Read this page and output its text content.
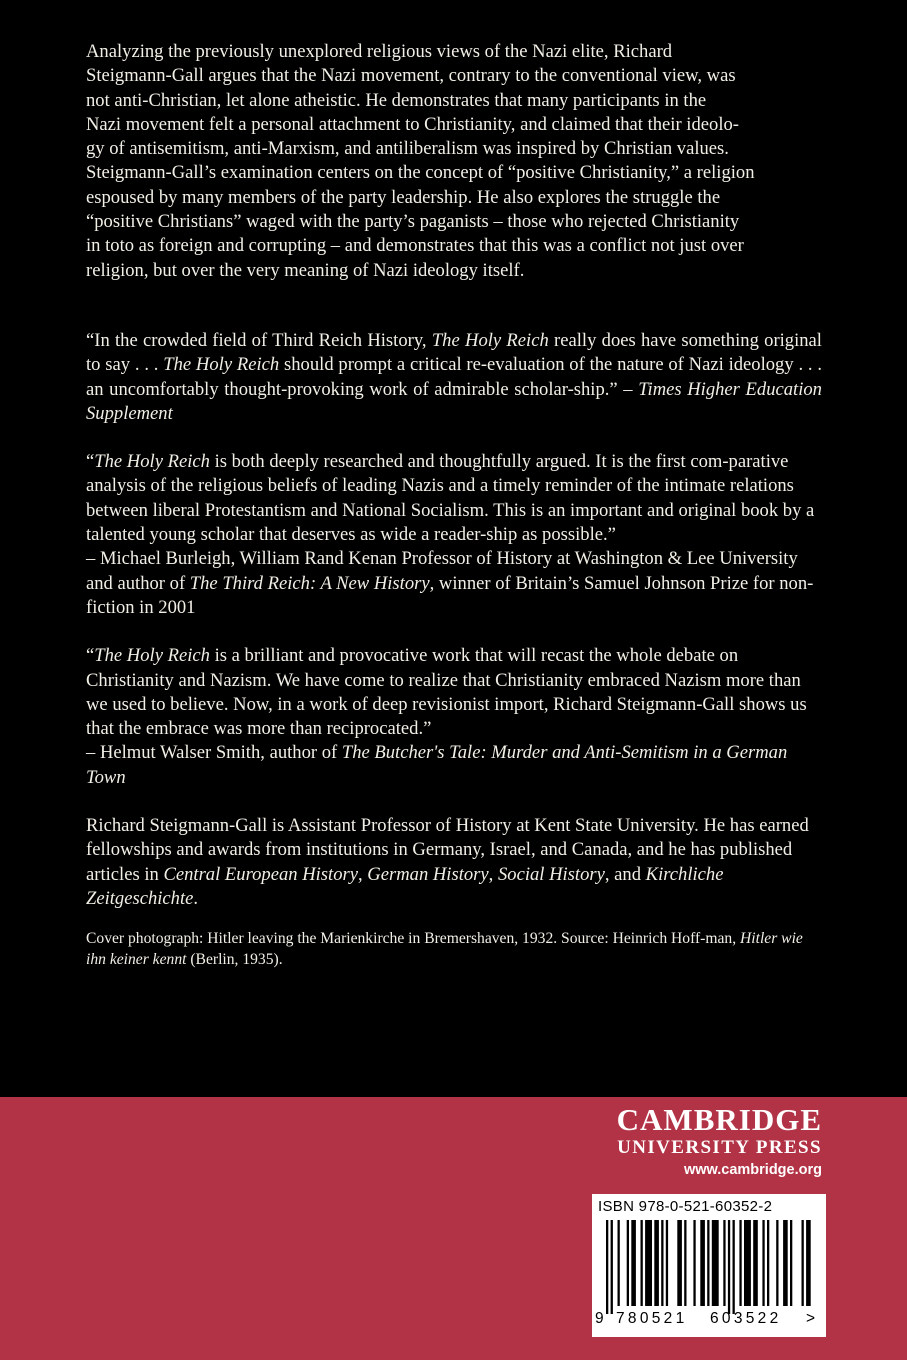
Analyzing the previously unexplored religious views of the Nazi elite, Richard
Steigmann-Gall argues that the Nazi movement, contrary to the conventional view, was
not anti-Christian, let alone atheistic. He demonstrates that many participants in the
Nazi movement felt a personal attachment to Christianity, and claimed that their ideolo-
gy of antisemitism, anti-Marxism, and antiliberalism was inspired by Christian values.
Steigmann-Gall’s examination centers on the concept of “positive Christianity,” a religion
espoused by many members of the party leadership. He also explores the struggle the
“positive Christians” waged with the party’s paganists – those who rejected Christianity
in toto as foreign and corrupting – and demonstrates that this was a conflict not just over
religion, but over the very meaning of Nazi ideology itself.

“In the crowded field of Third Reich History, The Holy Reich really does have something original to say . . . The Holy Reich should prompt a critical re-evaluation of the nature of Nazi ideology . . . an uncomfortably thought-provoking work of admirable scholar-ship.” – Times Higher Education Supplement

“The Holy Reich is both deeply researched and thoughtfully argued. It is the first com-parative analysis of the religious beliefs of leading Nazis and a timely reminder of the intimate relations between liberal Protestantism and National Socialism. This is an important and original book by a talented young scholar that deserves as wide a reader-ship as possible.”
– Michael Burleigh, William Rand Kenan Professor of History at Washington & Lee University and author of The Third Reich: A New History, winner of Britain’s Samuel Johnson Prize for non-fiction in 2001

“The Holy Reich is a brilliant and provocative work that will recast the whole debate on Christianity and Nazism. We have come to realize that Christianity embraced Nazism more than we used to believe. Now, in a work of deep revisionist import, Richard Steigmann-Gall shows us that the embrace was more than reciprocated.”
– Helmut Walser Smith, author of The Butcher's Tale: Murder and Anti-Semitism in a German Town

Richard Steigmann-Gall is Assistant Professor of History at Kent State University. He has earned fellowships and awards from institutions in Germany, Israel, and Canada, and he has published articles in Central European History, German History, Social History, and Kirchliche Zeitgeschichte.

Cover photograph: Hitler leaving the Marienkirche in Bremershaven, 1932. Source: Heinrich Hoff-man, Hitler wie ihn keiner kennt (Berlin, 1935).

CAMBRIDGE
UNIVERSITY PRESS
www.cambridge.org
ISBN 978-0-521-60352-2
9 780521 603522 >
